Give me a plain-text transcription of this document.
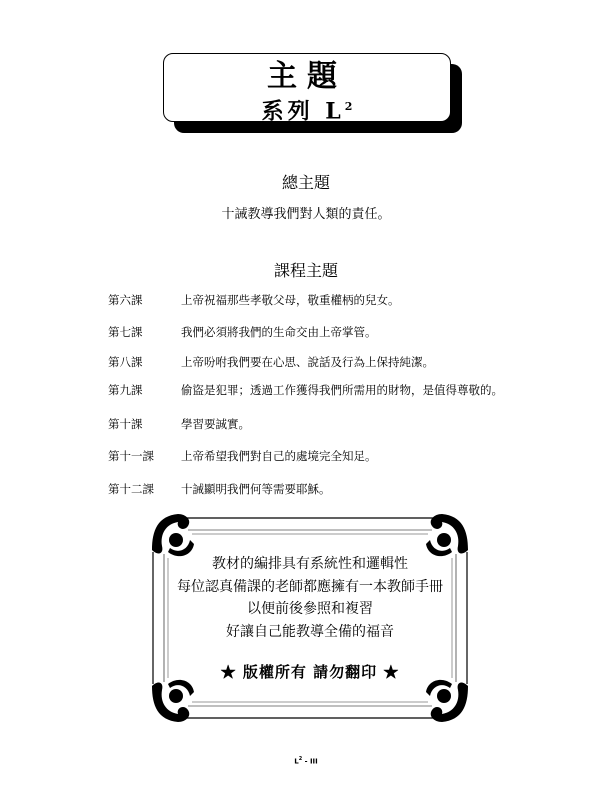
主題
系列 $L^2$
總主題
十誡教導我們對人類的責任。
課程主題
第六課	上帝祝福那些孝敬父母，敬重權柄的兒女。
第七課	我們必須將我們的生命交由上帝掌管。
第八課	上帝吩咐我們要在心思、說話及行為上保持純潔。
第九課	偷盜是犯罪；透過工作獲得我們所需用的財物，是值得尊敬的。
第十課	學習要誠實。
第十一課 上帝希望我們對自己的處境完全知足。
第十二課 十誡顯明我們何等需要耶穌。
教材的編排具有系統性和邏輯性
每位認真備課的老師都應擁有一本教師手冊
以便前後參照和複習
好讓自己能教導全備的福音
★ 版權所有 請勿翻印 ★
$L^2$ - III
